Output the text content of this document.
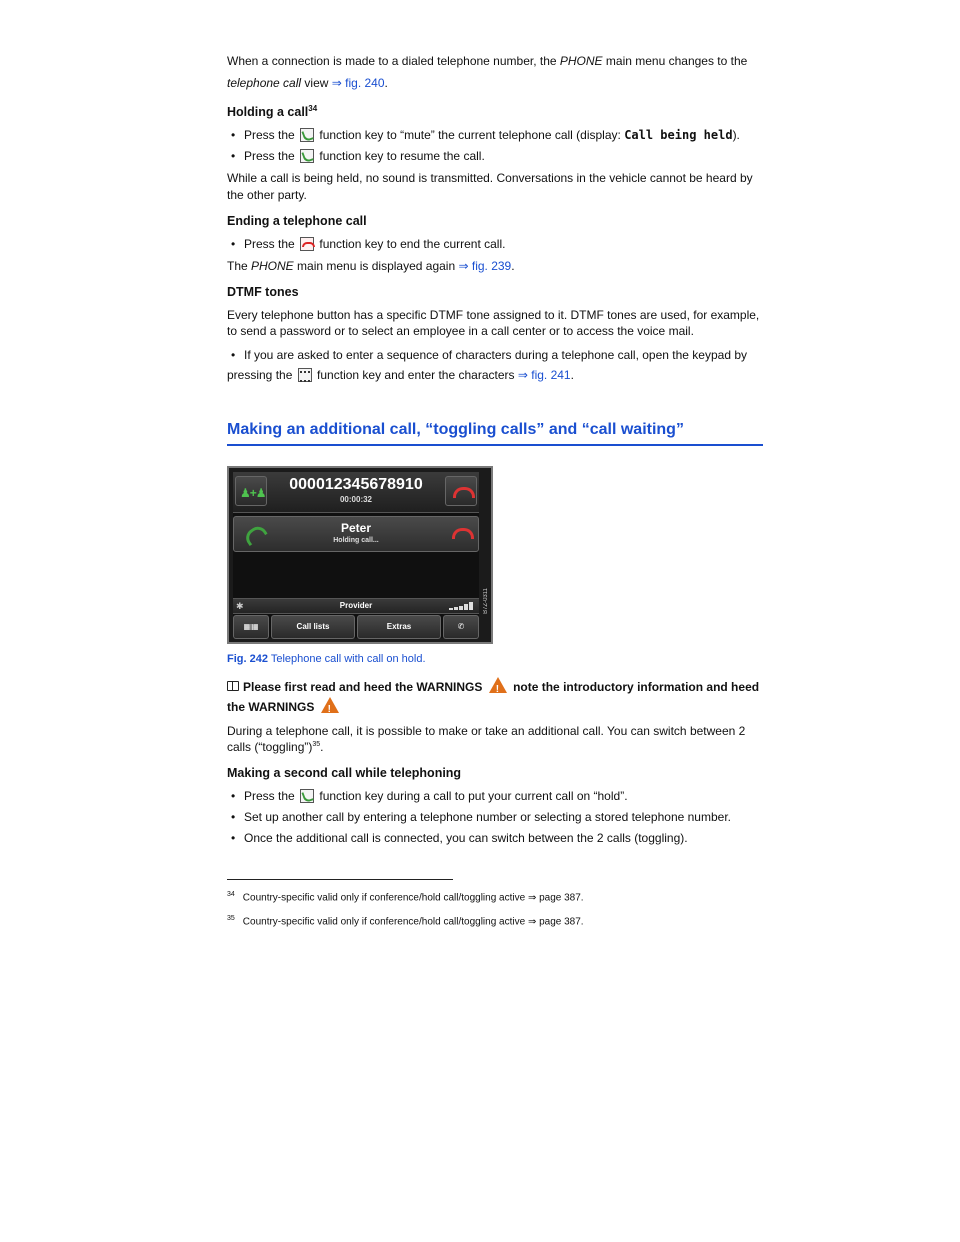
When a connection is made to a dialed telephone number, the PHONE main menu changes to the
telephone call view ⇒ fig. 240.

Holding a call$^{34}$
• Press the  function key to “mute” the current telephone call (display: Call being held).
• Press the  function key to resume the call.

While a call is being held, no sound is transmitted. Conversations in the vehicle cannot be heard by the other party.

Ending a telephone call
• Press the  function key to end the current call.

The PHONE main menu is displayed again ⇒ fig. 239.

DTMF tones

Every telephone button has a specific DTMF tone assigned to it. DTMF tones are used, for example, to send a password or to select an employee in a call center or to access the voice mail.

• If you are asked to enter a sequence of characters during a telephone call, open the keypad by
pressing the  function key and enter the characters ⇒ fig. 241.
Making an additional call, “toggling calls” and “call waiting”
♟+♟	000012345678910
00:00:32
Peter
Holding call...
✱	Provider
▦▦	Call lists	Extras	✆
B7Z-0311

Fig. 242 Telephone call with call on hold.

Please first read and heed the WARNINGS ! note the introductory information and heed
the WARNINGS !

During a telephone call, it is possible to make or take an additional call. You can switch between 2 calls (“toggling”)$^{35}$.

Making a second call while telephoning
• Press the  function key during a call to put your current call on “hold”.
• Set up another call by entering a telephone number or selecting a stored telephone number.
• Once the additional call is connected, you can switch between the 2 calls (toggling).

$^{34}$ Country-specific valid only if conference/hold call/toggling active ⇒ page 387.

$^{35}$ Country-specific valid only if conference/hold call/toggling active ⇒ page 387.
